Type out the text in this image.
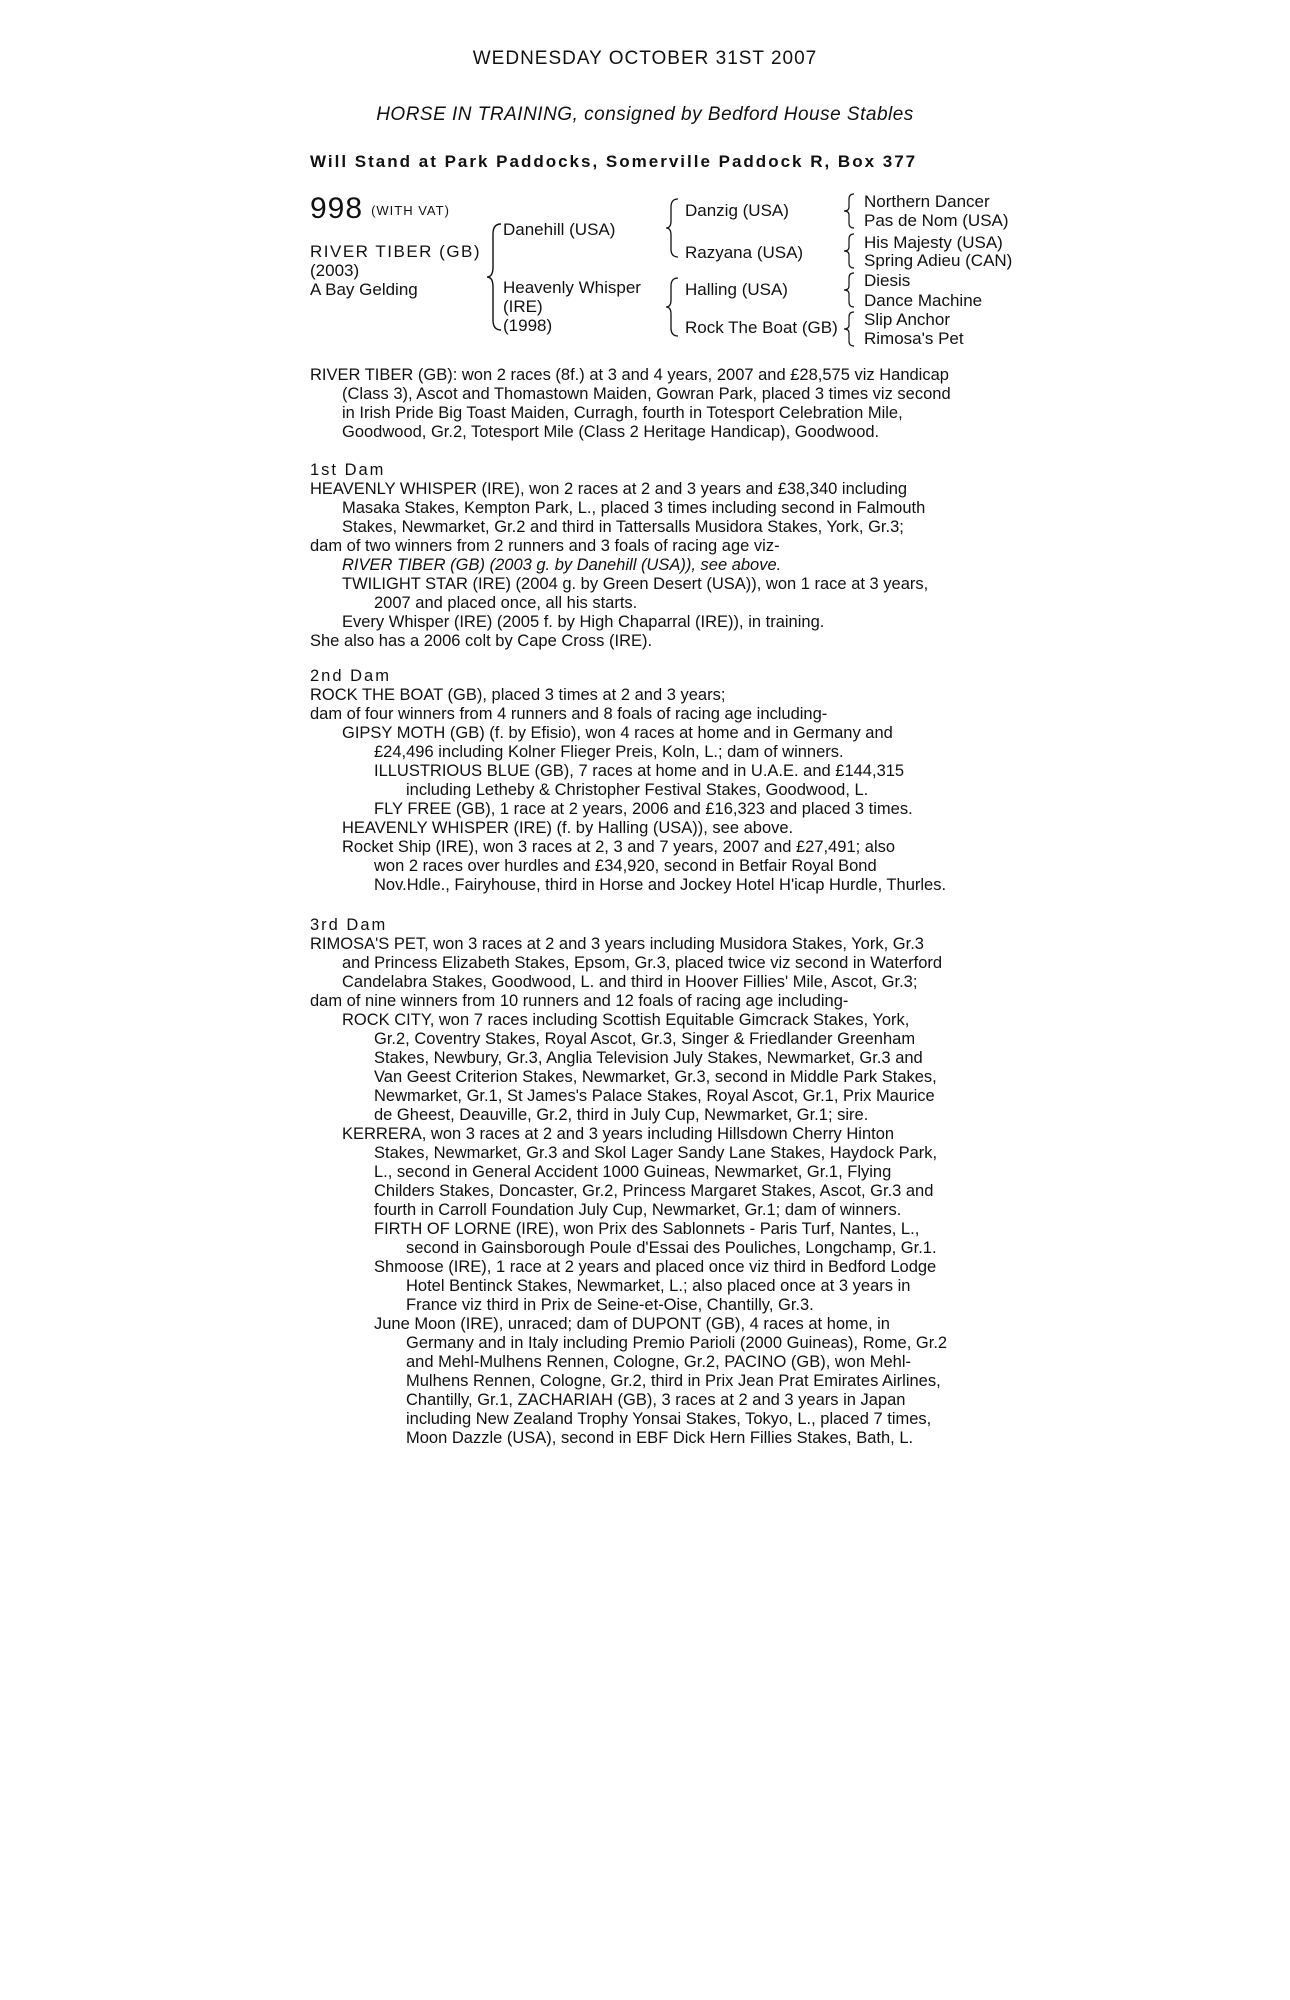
WEDNESDAY OCTOBER 31ST 2007
HORSE IN TRAINING, consigned by Bedford House Stables
Will Stand at Park Paddocks, Somerville Paddock R, Box 377
998 (WITH VAT)
RIVER TIBER (GB)
(2003)
A Bay Gelding
Danehill (USA)
Heavenly Whisper
(IRE)
(1998)
Danzig (USA)
Razyana (USA)
Halling (USA)
Rock The Boat (GB)
Northern Dancer
Pas de Nom (USA)
His Majesty (USA)
Spring Adieu (CAN)
Diesis
Dance Machine
Slip Anchor
Rimosa's Pet

RIVER TIBER (GB): won 2 races (8f.) at 3 and 4 years, 2007 and £28,575 viz Handicap

(Class 3), Ascot and Thomastown Maiden, Gowran Park, placed 3 times viz second

in Irish Pride Big Toast Maiden, Curragh, fourth in Totesport Celebration Mile,

Goodwood, Gr.2, Totesport Mile (Class 2 Heritage Handicap), Goodwood.

1st Dam

HEAVENLY WHISPER (IRE), won 2 races at 2 and 3 years and £38,340 including

Masaka Stakes, Kempton Park, L., placed 3 times including second in Falmouth

Stakes, Newmarket, Gr.2 and third in Tattersalls Musidora Stakes, York, Gr.3;

dam of two winners from 2 runners and 3 foals of racing age viz-

RIVER TIBER (GB) (2003 g. by Danehill (USA)), see above.

TWILIGHT STAR (IRE) (2004 g. by Green Desert (USA)), won 1 race at 3 years,

2007 and placed once, all his starts.

Every Whisper (IRE) (2005 f. by High Chaparral (IRE)), in training.

She also has a 2006 colt by Cape Cross (IRE).

2nd Dam

ROCK THE BOAT (GB), placed 3 times at 2 and 3 years;

dam of four winners from 4 runners and 8 foals of racing age including-

GIPSY MOTH (GB) (f. by Efisio), won 4 races at home and in Germany and

£24,496 including Kolner Flieger Preis, Koln, L.; dam of winners.

ILLUSTRIOUS BLUE (GB), 7 races at home and in U.A.E. and £144,315

including Letheby & Christopher Festival Stakes, Goodwood, L.

FLY FREE (GB), 1 race at 2 years, 2006 and £16,323 and placed 3 times.

HEAVENLY WHISPER (IRE) (f. by Halling (USA)), see above.

Rocket Ship (IRE), won 3 races at 2, 3 and 7 years, 2007 and £27,491; also

won 2 races over hurdles and £34,920, second in Betfair Royal Bond

Nov.Hdle., Fairyhouse, third in Horse and Jockey Hotel H'icap Hurdle, Thurles.

3rd Dam

RIMOSA'S PET, won 3 races at 2 and 3 years including Musidora Stakes, York, Gr.3

and Princess Elizabeth Stakes, Epsom, Gr.3, placed twice viz second in Waterford

Candelabra Stakes, Goodwood, L. and third in Hoover Fillies' Mile, Ascot, Gr.3;

dam of nine winners from 10 runners and 12 foals of racing age including-

ROCK CITY, won 7 races including Scottish Equitable Gimcrack Stakes, York,

Gr.2, Coventry Stakes, Royal Ascot, Gr.3, Singer & Friedlander Greenham

Stakes, Newbury, Gr.3, Anglia Television July Stakes, Newmarket, Gr.3 and

Van Geest Criterion Stakes, Newmarket, Gr.3, second in Middle Park Stakes,

Newmarket, Gr.1, St James's Palace Stakes, Royal Ascot, Gr.1, Prix Maurice

de Gheest, Deauville, Gr.2, third in July Cup, Newmarket, Gr.1; sire.

KERRERA, won 3 races at 2 and 3 years including Hillsdown Cherry Hinton

Stakes, Newmarket, Gr.3 and Skol Lager Sandy Lane Stakes, Haydock Park,

L., second in General Accident 1000 Guineas, Newmarket, Gr.1, Flying

Childers Stakes, Doncaster, Gr.2, Princess Margaret Stakes, Ascot, Gr.3 and

fourth in Carroll Foundation July Cup, Newmarket, Gr.1; dam of winners.

FIRTH OF LORNE (IRE), won Prix des Sablonnets - Paris Turf, Nantes, L.,

second in Gainsborough Poule d'Essai des Pouliches, Longchamp, Gr.1.

Shmoose (IRE), 1 race at 2 years and placed once viz third in Bedford Lodge

Hotel Bentinck Stakes, Newmarket, L.; also placed once at 3 years in

France viz third in Prix de Seine-et-Oise, Chantilly, Gr.3.

June Moon (IRE), unraced; dam of DUPONT (GB), 4 races at home, in

Germany and in Italy including Premio Parioli (2000 Guineas), Rome, Gr.2

and Mehl-Mulhens Rennen, Cologne, Gr.2, PACINO (GB), won Mehl-

Mulhens Rennen, Cologne, Gr.2, third in Prix Jean Prat Emirates Airlines,

Chantilly, Gr.1, ZACHARIAH (GB), 3 races at 2 and 3 years in Japan

including New Zealand Trophy Yonsai Stakes, Tokyo, L., placed 7 times,

Moon Dazzle (USA), second in EBF Dick Hern Fillies Stakes, Bath, L.
